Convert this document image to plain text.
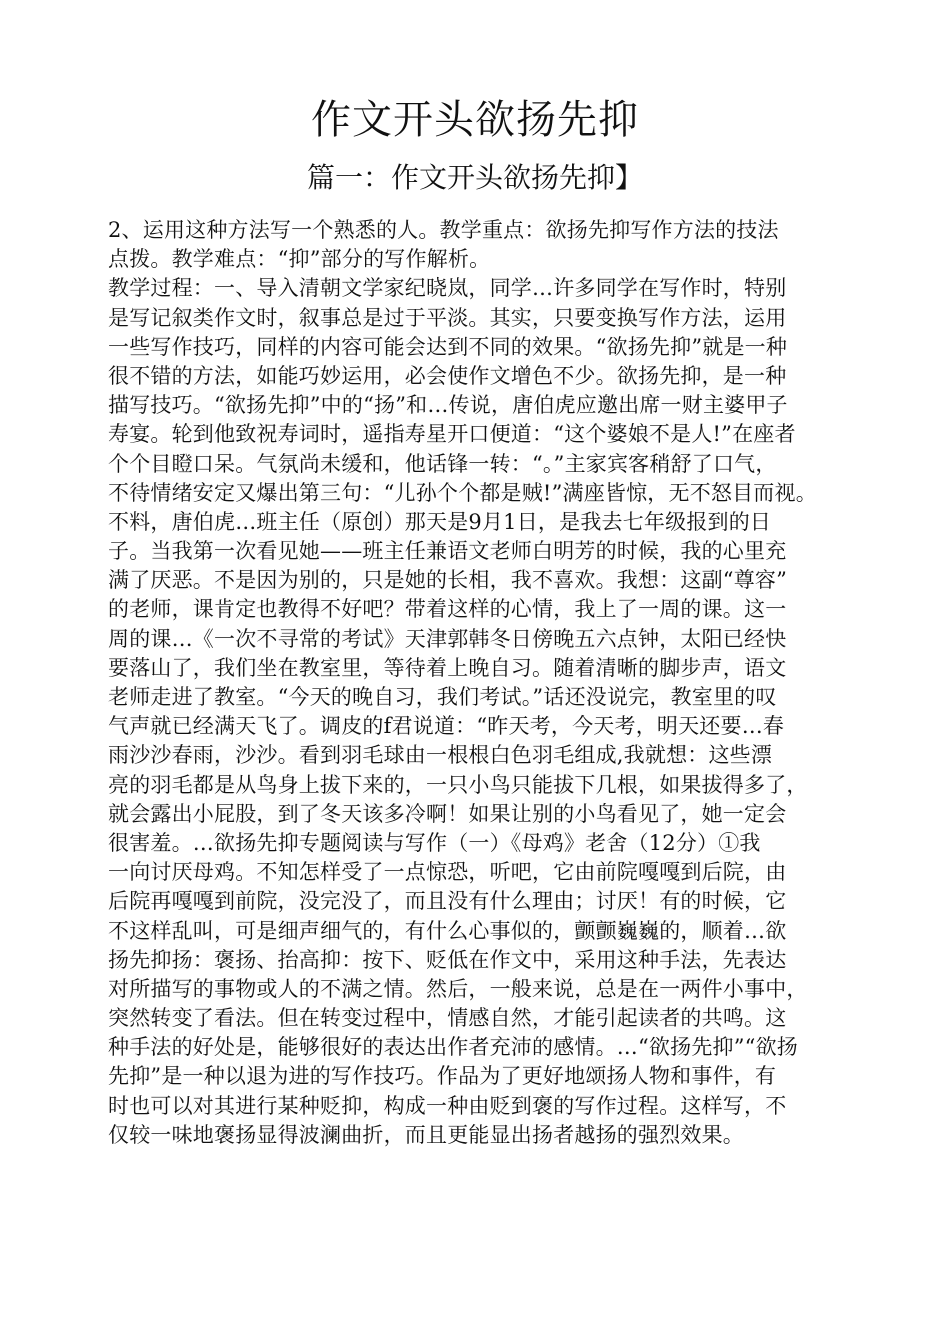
作文开头欲扬先抑
篇一：作文开头欲扬先抑】
2、运用这种方法写一个熟悉的人。教学重点：欲扬先抑写作方法的技法
点拨。教学难点：“抑”部分的写作解析。
教学过程：一、导入清朝文学家纪晓岚，同学…许多同学在写作时，特别
是写记叙类作文时，叙事总是过于平淡。其实，只要变换写作方法，运用
一些写作技巧，同样的内容可能会达到不同的效果。“欲扬先抑”就是一种
很不错的方法，如能巧妙运用，必会使作文增色不少。欲扬先抑，是一种
描写技巧。“欲扬先抑”中的“扬”和…传说，唐伯虎应邀出席一财主婆甲子
寿宴。轮到他致祝寿词时，遥指寿星开口便道：“这个婆娘不是人!”在座者
个个目瞪口呆。气氛尚未缓和，他话锋一转：“。”主家宾客稍舒了口气，
不待情绪安定又爆出第三句：“儿孙个个都是贼!”满座皆惊，无不怒目而视。
不料，唐伯虎…班主任（原创）那天是9月1日，是我去七年级报到的日
子。当我第一次看见她——班主任兼语文老师白明芳的时候，我的心里充
满了厌恶。不是因为别的，只是她的长相，我不喜欢。我想：这副“尊容”
的老师，课肯定也教得不好吧？带着这样的心情，我上了一周的课。这一
周的课…《一次不寻常的考试》天津郭韩冬日傍晚五六点钟，太阳已经快
要落山了，我们坐在教室里，等待着上晚自习。随着清晰的脚步声，语文
老师走进了教室。“今天的晚自习，我们考试。”话还没说完，教室里的叹
气声就已经满天飞了。调皮的f君说道：“昨天考，今天考，明天还要…春
雨沙沙春雨，沙沙。看到羽毛球由一根根白色羽毛组成,我就想：这些漂
亮的羽毛都是从鸟身上拔下来的，一只小鸟只能拔下几根，如果拔得多了，
就会露出小屁股，到了冬天该多冷啊！如果让别的小鸟看见了，她一定会
很害羞。…欲扬先抑专题阅读与写作（一）《母鸡》老舍（12分）①我
一向讨厌母鸡。不知怎样受了一点惊恐，听吧，它由前院嘎嘎到后院，由
后院再嘎嘎到前院，没完没了，而且没有什么理由；讨厌！有的时候，它
不这样乱叫，可是细声细气的，有什么心事似的，颤颤巍巍的，顺着…欲
扬先抑扬：褒扬、抬高抑：按下、贬低在作文中，采用这种手法，先表达
对所描写的事物或人的不满之情。然后，一般来说，总是在一两件小事中，
突然转变了看法。但在转变过程中，情感自然，才能引起读者的共鸣。这
种手法的好处是，能够很好的表达出作者充沛的感情。…“欲扬先抑”“欲扬
先抑”是一种以退为进的写作技巧。作品为了更好地颂扬人物和事件，有
时也可以对其进行某种贬抑，构成一种由贬到褒的写作过程。这样写，不
仅较一味地褒扬显得波澜曲折，而且更能显出扬者越扬的强烈效果。
